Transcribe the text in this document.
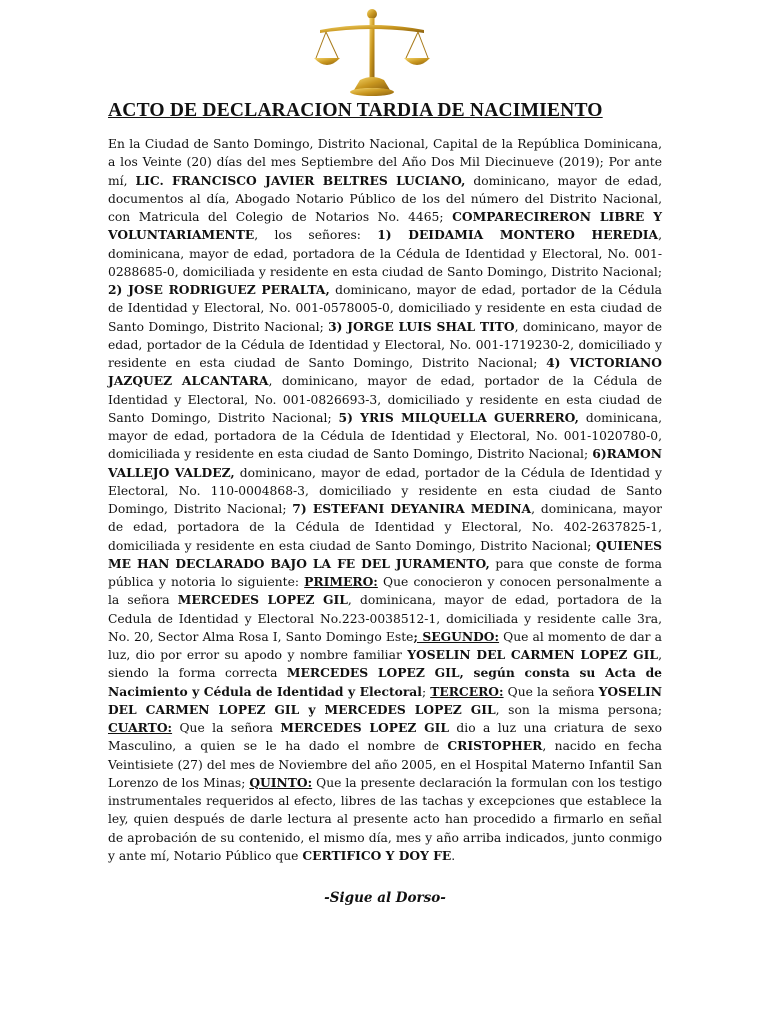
ACTO DE DECLARACION TARDIA DE NACIMIENTO

En la Ciudad de Santo Domingo, Distrito Nacional, Capital de la República Dominicana, a los Veinte (20) días del mes Septiembre del Año Dos Mil Diecinueve (2019); Por ante mí, LIC. FRANCISCO JAVIER BELTRES LUCIANO, dominicano, mayor de edad, documentos al día, Abogado Notario Público de los del número del Distrito Nacional, con Matricula del Colegio de Notarios No. 4465; COMPARECIRERON LIBRE Y VOLUNTARIAMENTE, los señores: 1) DEIDAMIA MONTERO HEREDIA, dominicana, mayor de edad, portadora de la Cédula de Identidad y Electoral, No. 001-0288685-0, domiciliada y residente en esta ciudad de Santo Domingo, Distrito Nacional; 2) JOSE RODRIGUEZ PERALTA, dominicano, mayor de edad, portador de la Cédula de Identidad y Electoral, No. 001-0578005-0, domiciliado y residente en esta ciudad de Santo Domingo, Distrito Nacional; 3) JORGE LUIS SHAL TITO, dominicano, mayor de edad, portador de la Cédula de Identidad y Electoral, No. 001-1719230-2, domiciliado y residente en esta ciudad de Santo Domingo, Distrito Nacional; 4) VICTORIANO JAZQUEZ ALCANTARA, dominicano, mayor de edad, portador de la Cédula de Identidad y Electoral, No. 001-0826693-3, domiciliado y residente en esta ciudad de Santo Domingo, Distrito Nacional; 5) YRIS MILQUELLA GUERRERO, dominicana, mayor de edad, portadora de la Cédula de Identidad y Electoral, No. 001-1020780-0, domiciliada y residente en esta ciudad de Santo Domingo, Distrito Nacional; 6)RAMON VALLEJO VALDEZ, dominicano, mayor de edad, portador de la Cédula de Identidad y Electoral, No. 110-0004868-3, domiciliado y residente en esta ciudad de Santo Domingo, Distrito Nacional; 7) ESTEFANI DEYANIRA MEDINA, dominicana, mayor de edad, portadora de la Cédula de Identidad y Electoral, No. 402-2637825-1, domiciliada y residente en esta ciudad de Santo Domingo, Distrito Nacional; QUIENES ME HAN DECLARADO BAJO LA FE DEL JURAMENTO, para que conste de forma pública y notoria lo siguiente: PRIMERO: Que conocieron y conocen personalmente a la señora MERCEDES LOPEZ GIL, dominicana, mayor de edad, portadora de la Cedula de Identidad y Electoral No.223-0038512-1, domiciliada y residente calle 3ra, No. 20, Sector Alma Rosa I, Santo Domingo Este; SEGUNDO: Que al momento de dar a luz, dio por error su apodo y nombre familiar YOSELIN DEL CARMEN LOPEZ GIL, siendo la forma correcta MERCEDES LOPEZ GIL, según consta su Acta de Nacimiento y Cédula de Identidad y Electoral; TERCERO: Que la señora YOSELIN DEL CARMEN LOPEZ GIL y MERCEDES LOPEZ GIL, son la misma persona; CUARTO: Que la señora MERCEDES LOPEZ GIL dio a luz una criatura de sexo Masculino, a quien se le ha dado el nombre de CRISTOPHER, nacido en fecha Veintisiete (27) del mes de Noviembre del año 2005, en el Hospital Materno Infantil San Lorenzo de los Minas; QUINTO: Que la presente declaración la formulan con los testigo instrumentales requeridos al efecto, libres de las tachas y excepciones que establece la ley, quien después de darle lectura al presente acto han procedido a firmarlo en señal de aprobación de su contenido, el mismo día, mes y año arriba indicados, junto conmigo y ante mí, Notario Público que CERTIFICO Y DOY FE.

-Sigue al Dorso-
